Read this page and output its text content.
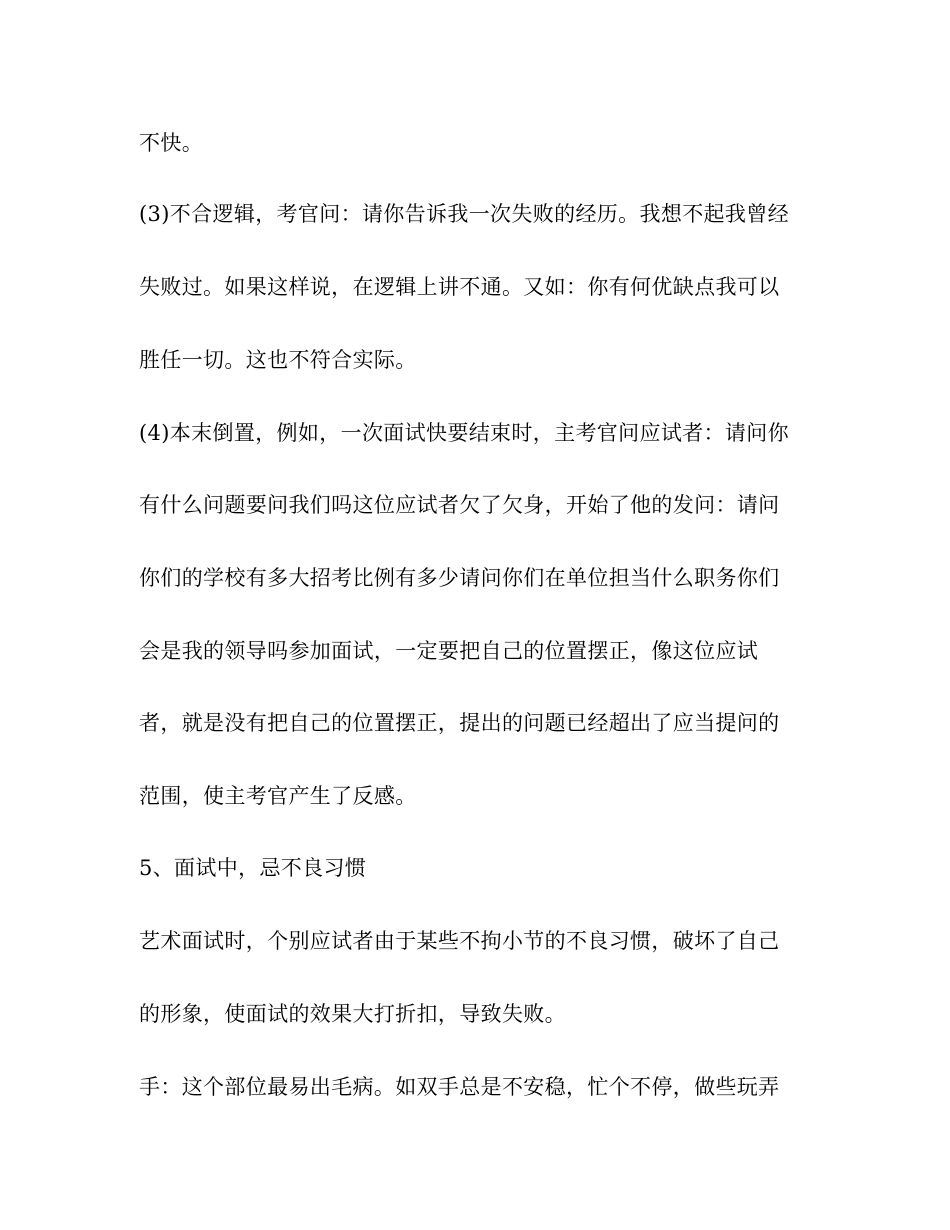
不快。

(3)不合逻辑，考官问：请你告诉我一次失败的经历。我想不起我曾经

失败过。如果这样说，在逻辑上讲不通。又如：你有何优缺点我可以

胜任一切。这也不符合实际。

(4)本末倒置，例如，一次面试快要结束时，主考官问应试者：请问你

有什么问题要问我们吗这位应试者欠了欠身，开始了他的发问：请问

你们的学校有多大招考比例有多少请问你们在单位担当什么职务你们

会是我的领导吗参加面试，一定要把自己的位置摆正，像这位应试

者，就是没有把自己的位置摆正，提出的问题已经超出了应当提问的

范围，使主考官产生了反感。

5、面试中，忌不良习惯

艺术面试时，个别应试者由于某些不拘小节的不良习惯，破坏了自己

的形象，使面试的效果大打折扣，导致失败。

手：这个部位最易出毛病。如双手总是不安稳，忙个不停，做些玩弄
